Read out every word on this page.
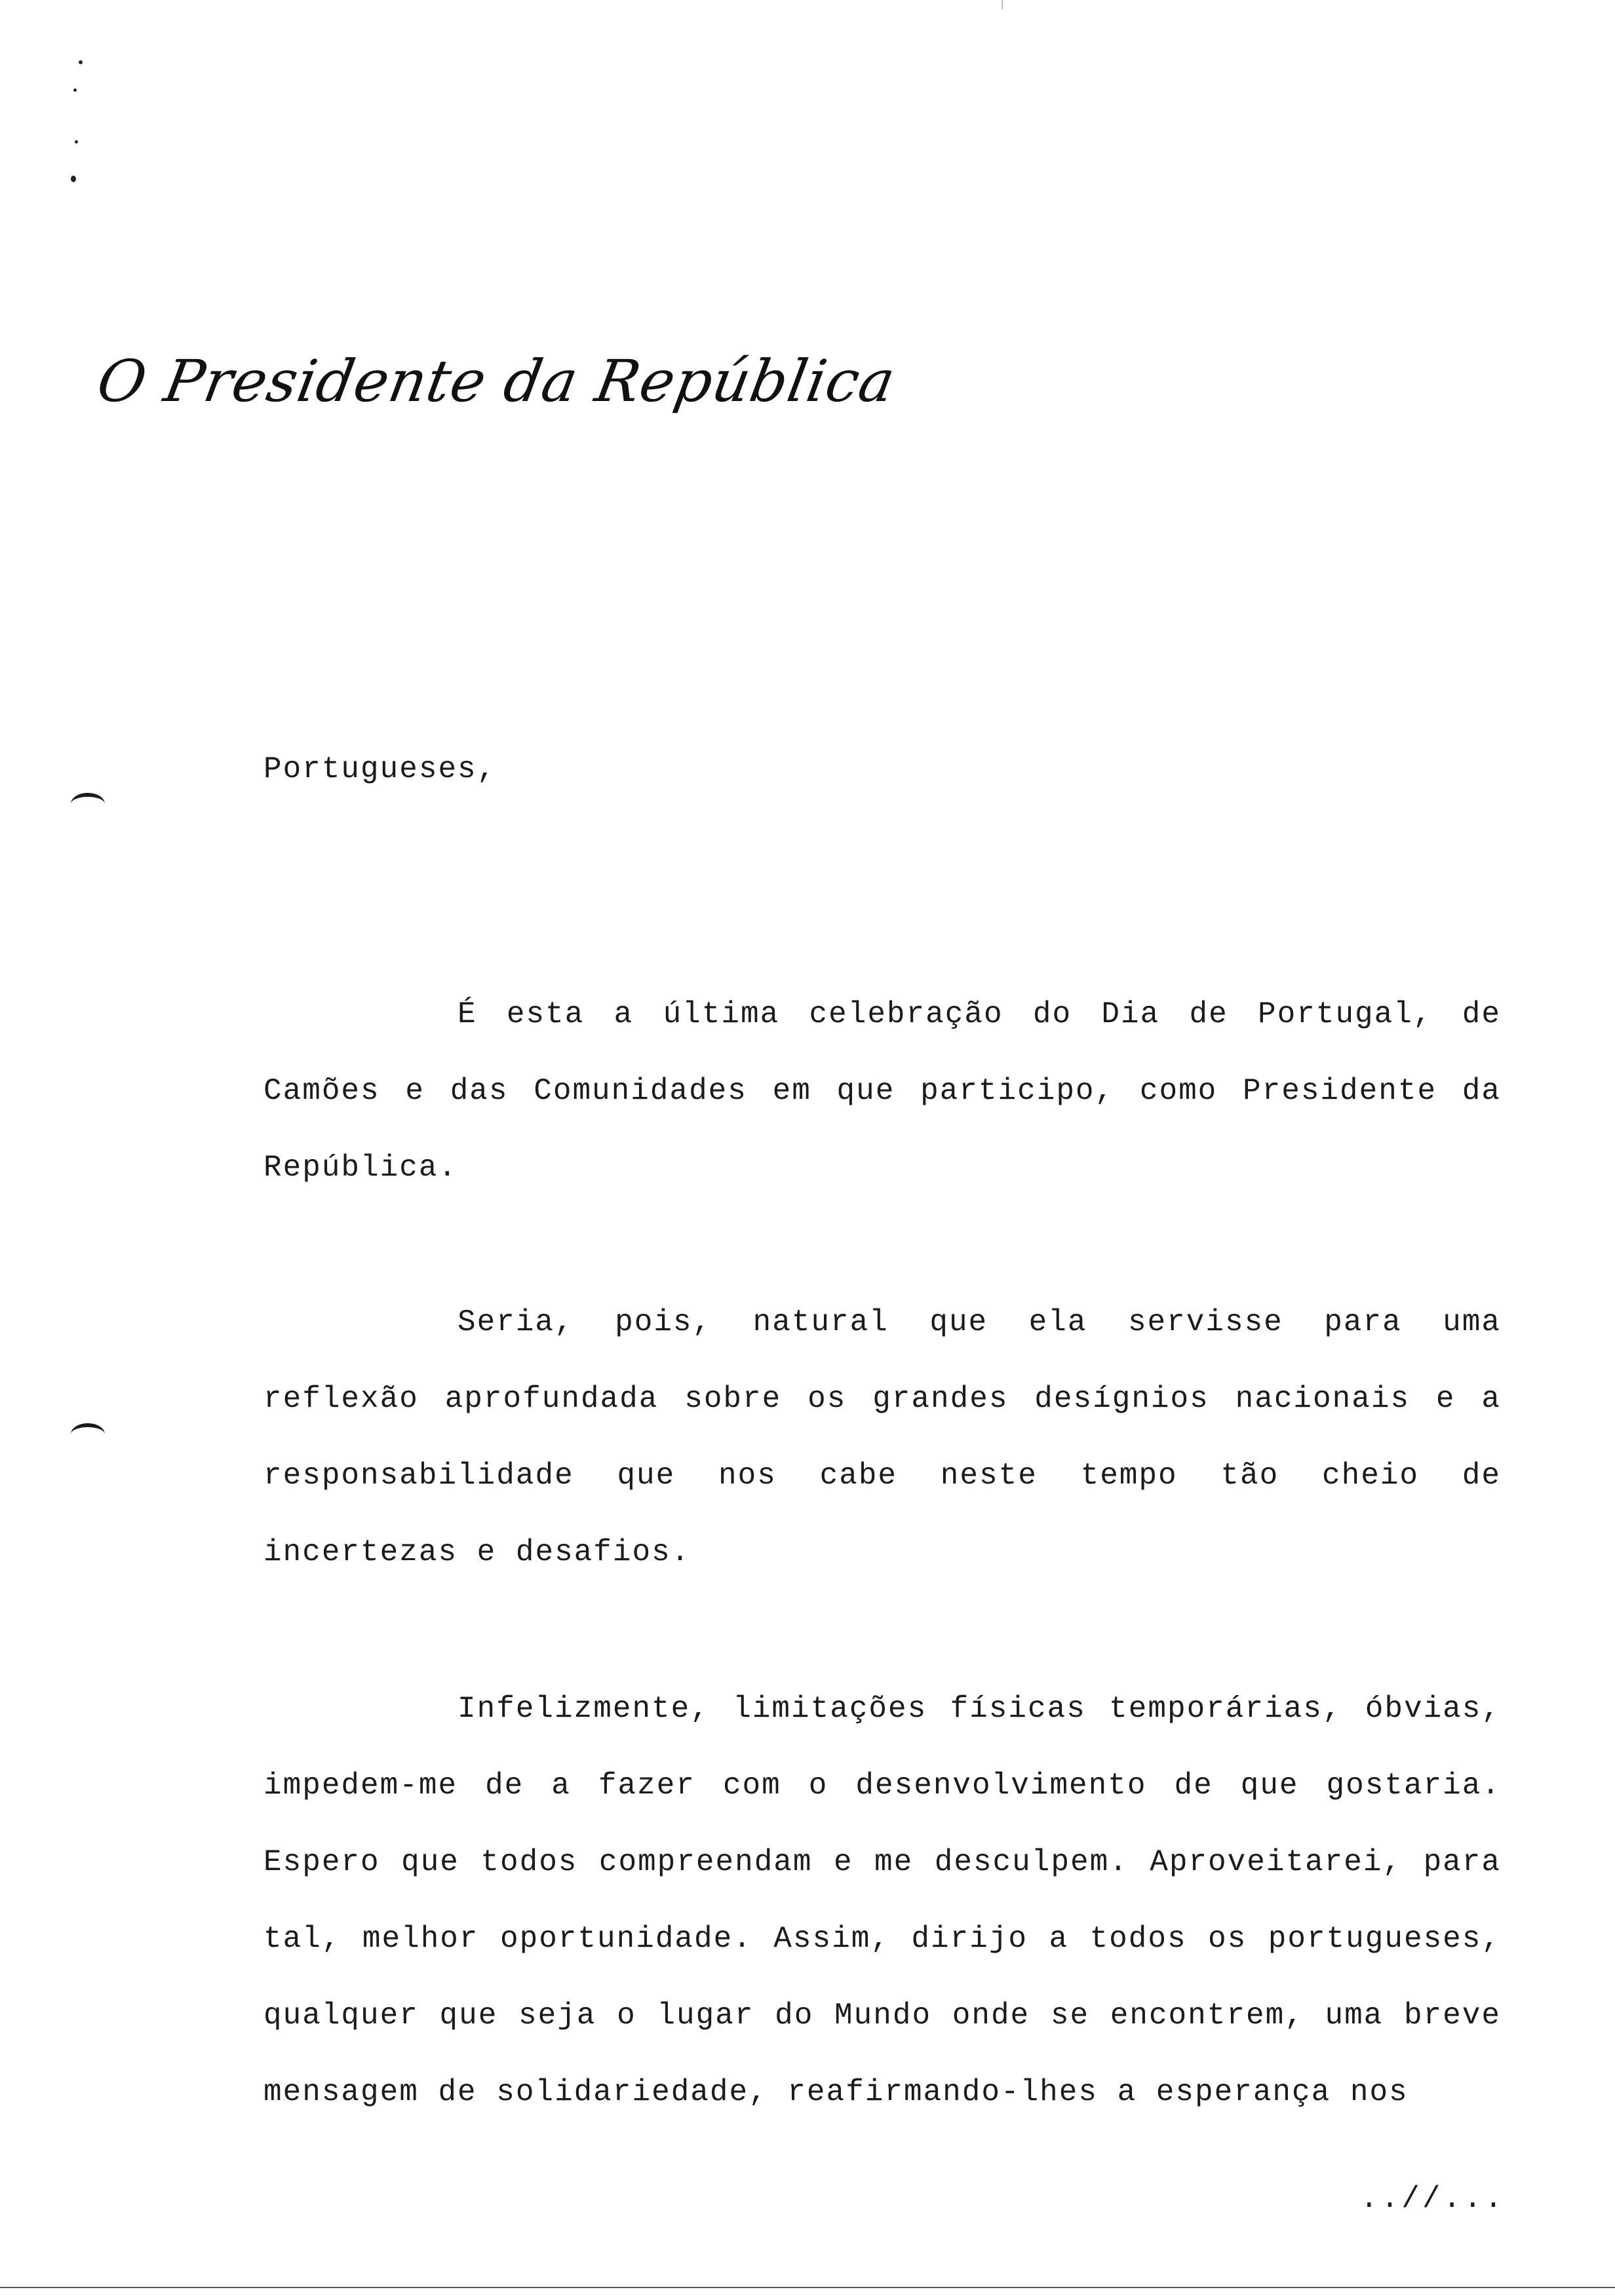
O Presidente da República
Portugueses,

É esta a última celebração do Dia de Portugal, de Camões e das Comunidades em que participo, como Presidente da República.

Seria, pois, natural que ela servisse para uma reflexão aprofundada sobre os grandes desígnios nacionais e a responsabilidade que nos cabe neste tempo tão cheio de incertezas e desafios.

Infelizmente, limitações físicas temporárias, óbvias, impedem-me de a fazer com o desenvolvimento de que gostaria. Espero que todos compreendam e me desculpem. Aproveitarei, para tal, melhor oportunidade. Assim, dirijo a todos os portugueses, qualquer que seja o lugar do Mundo onde se encontrem, uma breve mensagem de solidariedade, reafirmando-lhes a esperança nos

..//...
